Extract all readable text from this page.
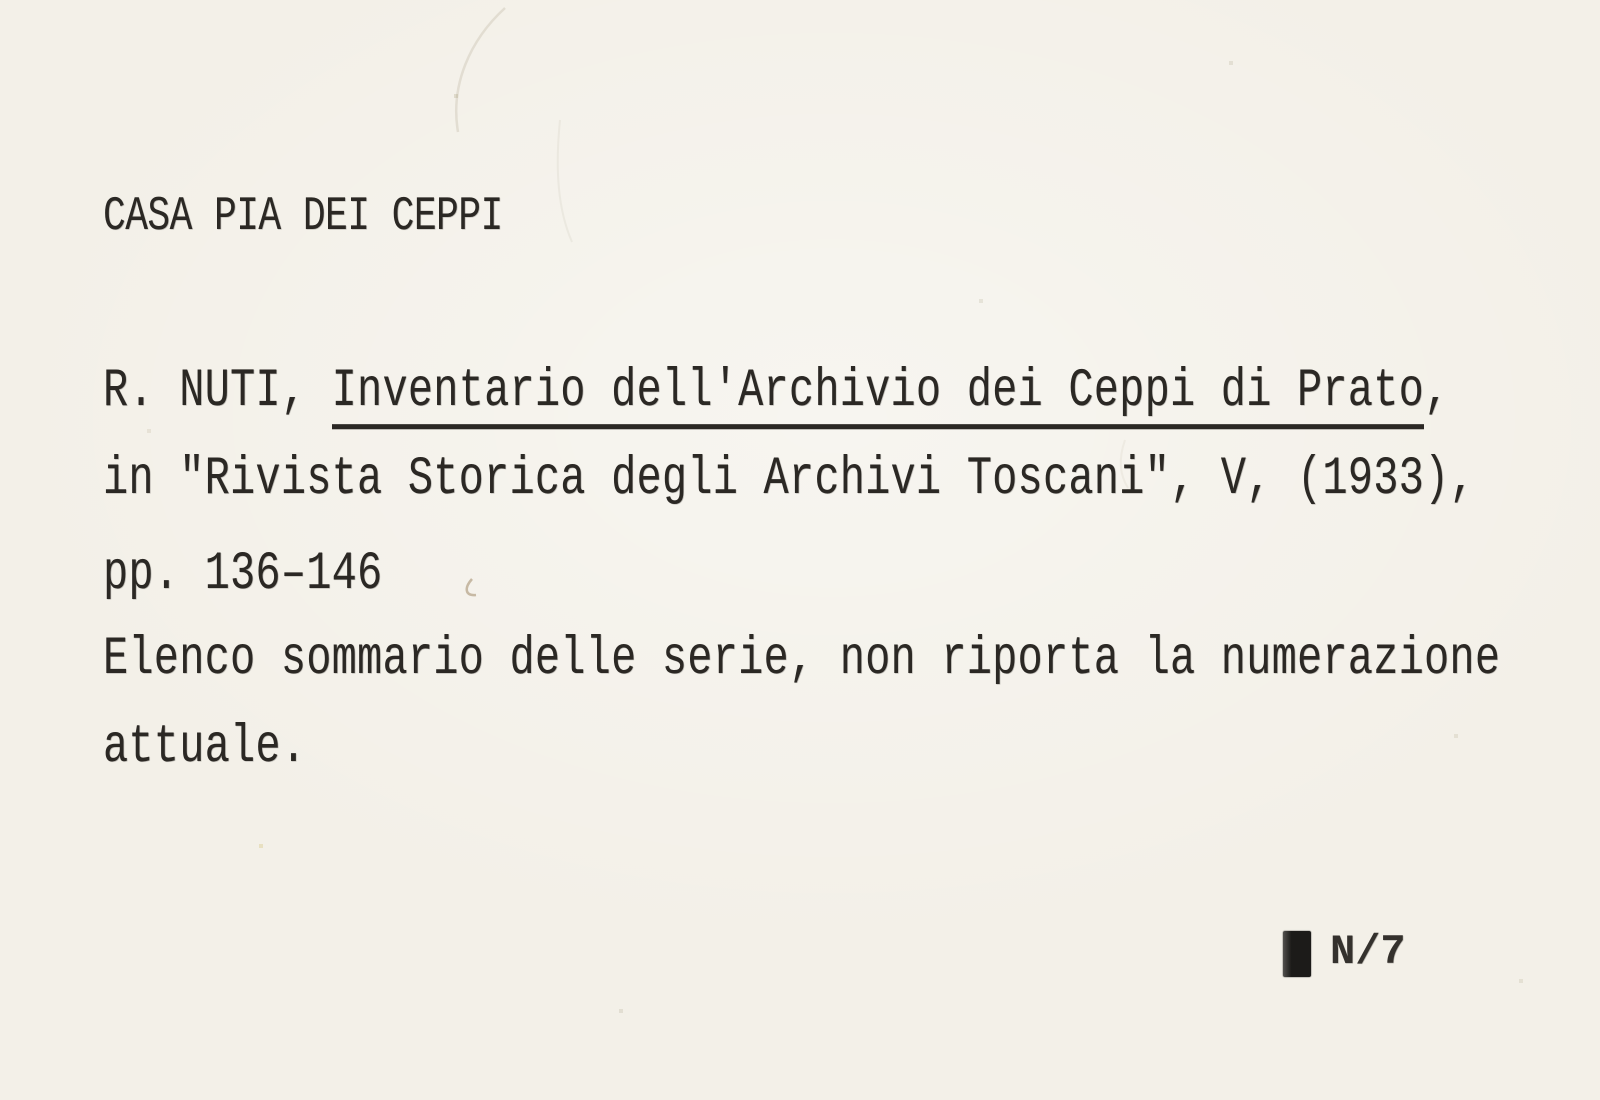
CASA PIA DEI CEPPI
R. NUTI, Inventario dell'Archivio dei Ceppi di Prato,
in "Rivista Storica degli Archivi Toscani", V, (1933),
pp. 136–146
Elenco sommario delle serie, non riporta la numerazione
attuale.
N/7
